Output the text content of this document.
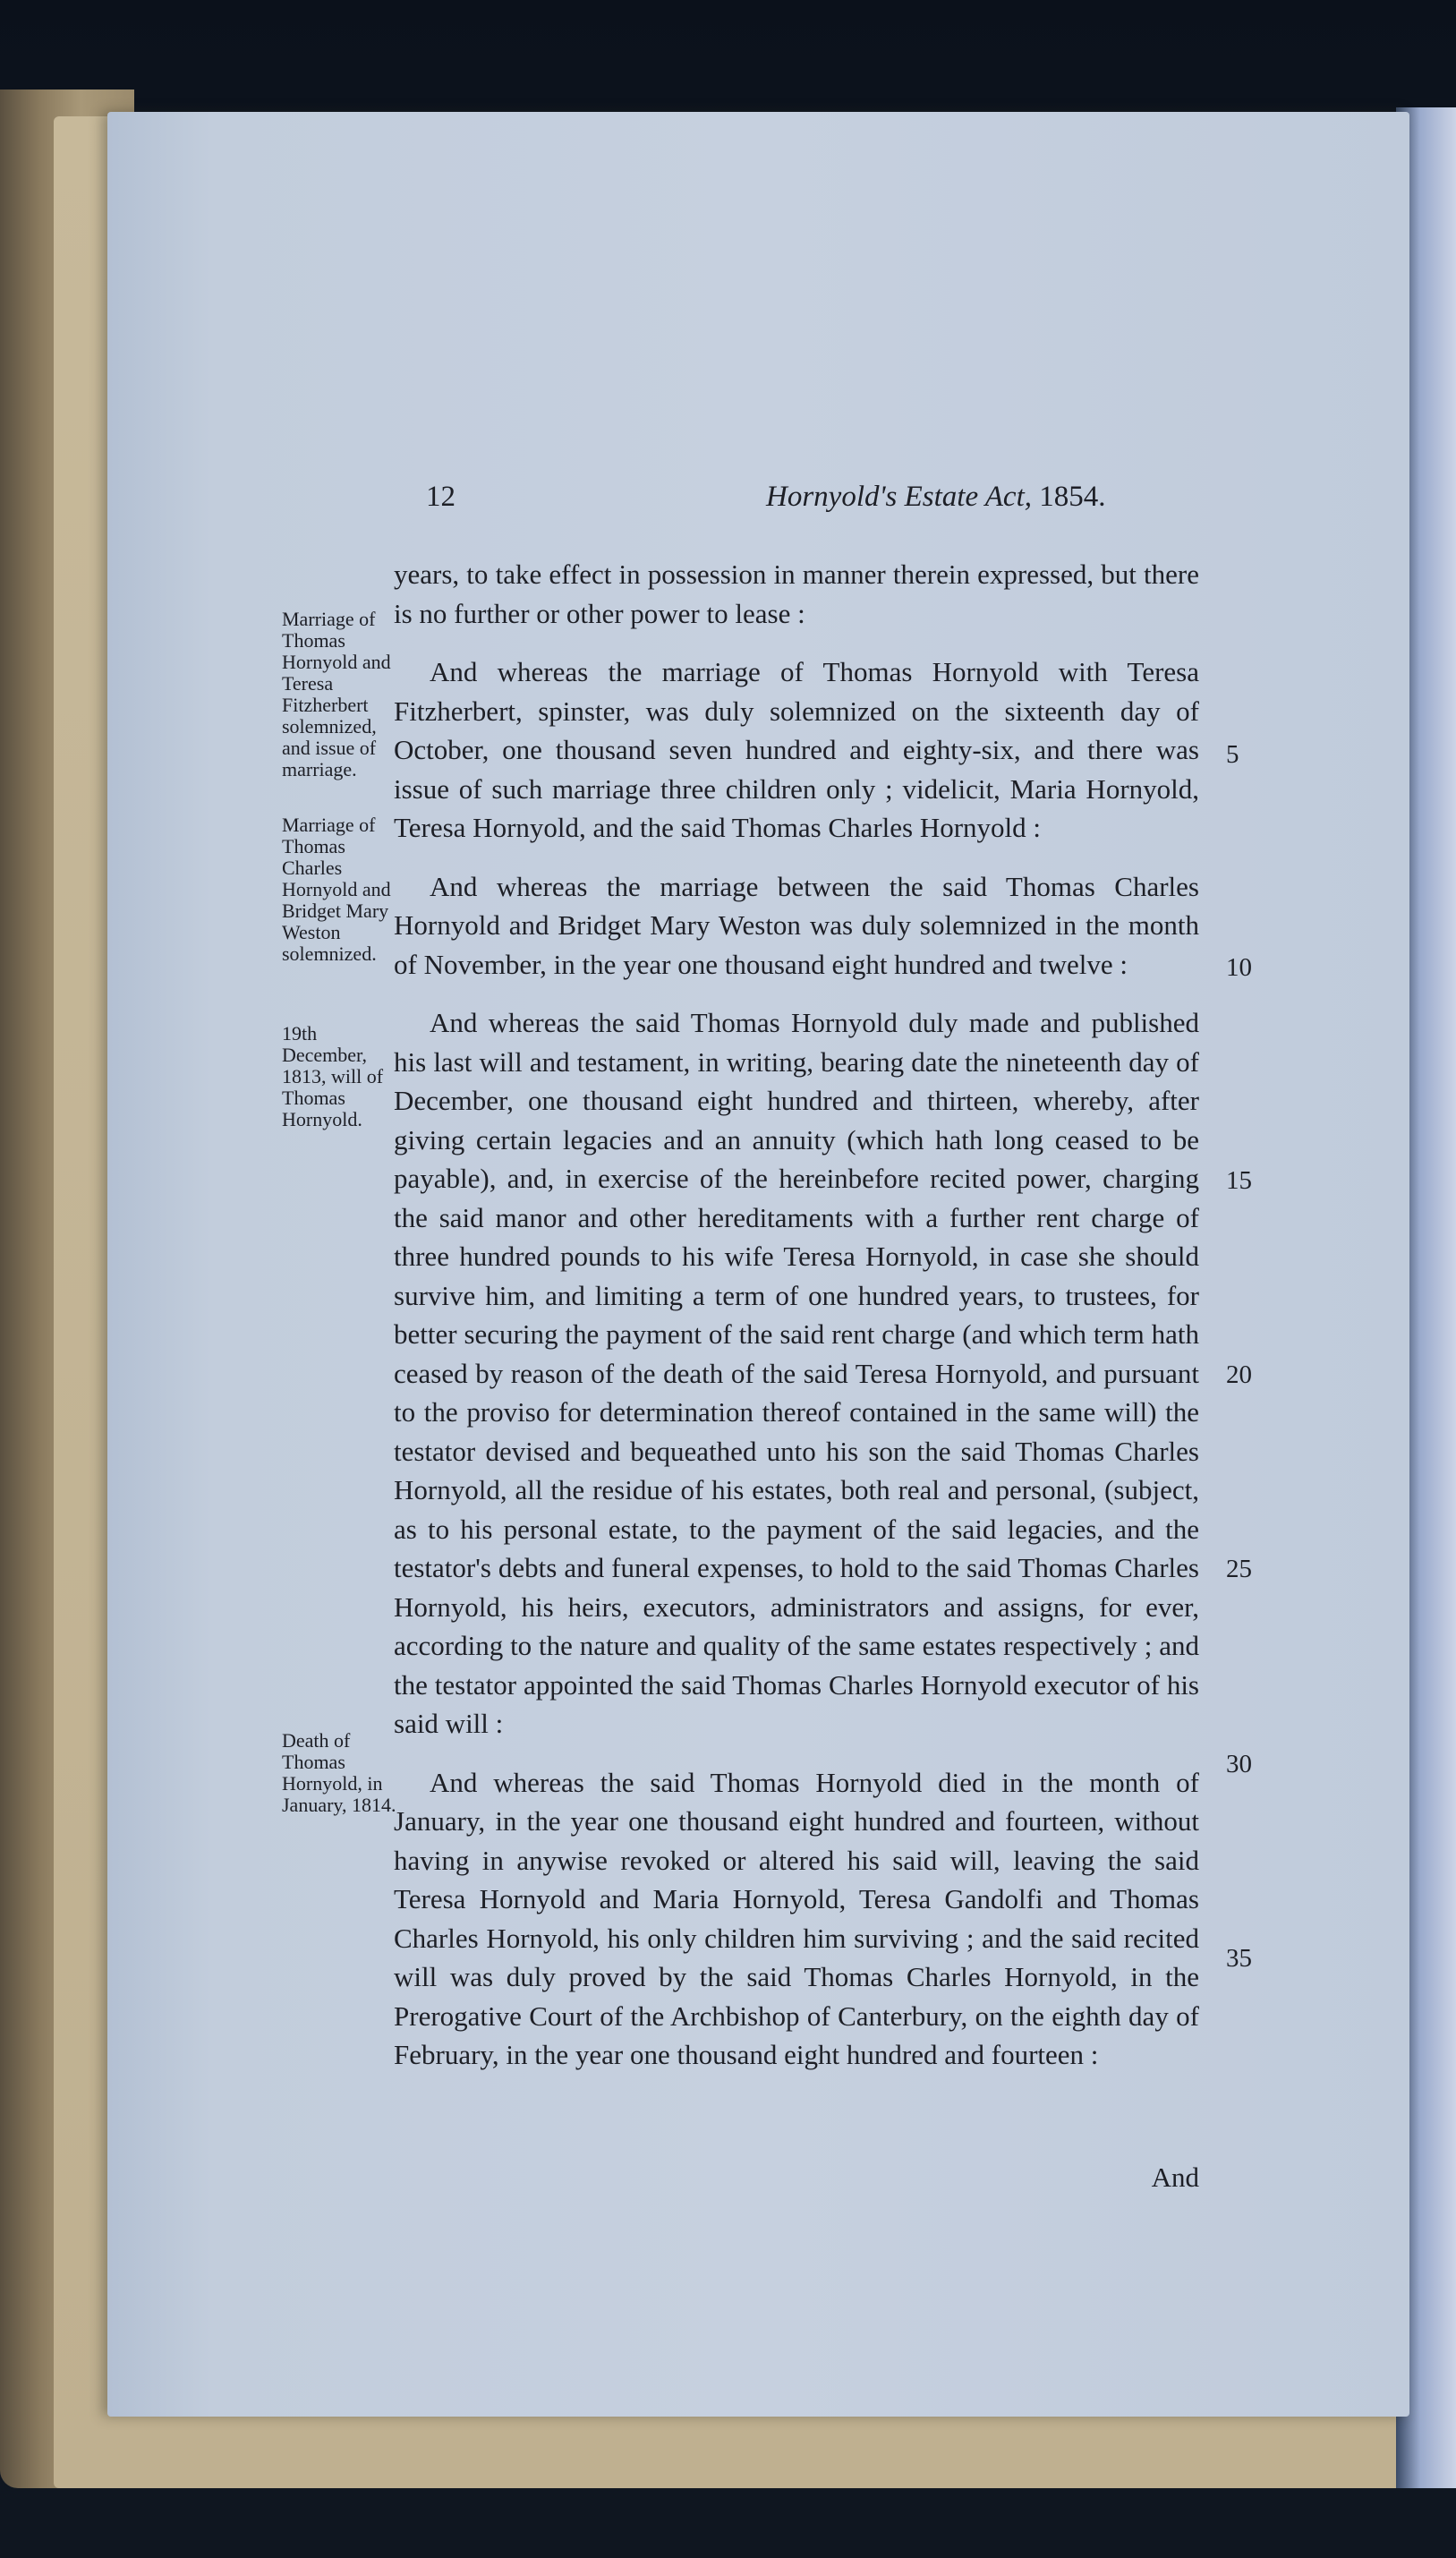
12	Hornyold's Estate Act, 1854.
Marriage of Thomas Hornyold and Teresa Fitzherbert solemnized, and issue of marriage.
Marriage of Thomas Charles Hornyold and Bridget Mary Weston solemnized.
19th December, 1813, will of Thomas Hornyold.
Death of Thomas Hornyold, in January, 1814.

years, to take effect in possession in manner therein expressed, but there is no further or other power to lease :

And whereas the marriage of Thomas Hornyold with Teresa Fitzherbert, spinster, was duly solemnized on the sixteenth day of October, one thousand seven hundred and eighty-six, and there was issue of such marriage three children only ; videlicit, Maria Hornyold, Teresa Hornyold, and the said Thomas Charles Hornyold :

And whereas the marriage between the said Thomas Charles Hornyold and Bridget Mary Weston was duly solemnized in the month of November, in the year one thousand eight hundred and twelve :

And whereas the said Thomas Hornyold duly made and published his last will and testament, in writing, bearing date the nineteenth day of December, one thousand eight hundred and thirteen, whereby, after giving certain legacies and an annuity (which hath long ceased to be payable), and, in exercise of the hereinbefore recited power, charging the said manor and other hereditaments with a further rent charge of three hundred pounds to his wife Teresa Hornyold, in case she should survive him, and limiting a term of one hundred years, to trustees, for better securing the payment of the said rent charge (and which term hath ceased by reason of the death of the said Teresa Hornyold, and pursuant to the proviso for determination thereof contained in the same will) the testator devised and bequeathed unto his son the said Thomas Charles Hornyold, all the residue of his estates, both real and personal, (subject, as to his personal estate, to the payment of the said legacies, and the testator's debts and funeral expenses, to hold to the said Thomas Charles Hornyold, his heirs, executors, administrators and assigns, for ever, according to the nature and quality of the same estates respectively ; and the testator appointed the said Thomas Charles Hornyold executor of his said will :

And whereas the said Thomas Hornyold died in the month of January, in the year one thousand eight hundred and fourteen, without having in anywise revoked or altered his said will, leaving the said Teresa Hornyold and Maria Hornyold, Teresa Gandolfi and Thomas Charles Hornyold, his only children him surviving ; and the said recited will was duly proved by the said Thomas Charles Hornyold, in the Prerogative Court of the Archbishop of Canterbury, on the eighth day of February, in the year one thousand eight hundred and fourteen :

And
5
10
15
20
25
30
35
